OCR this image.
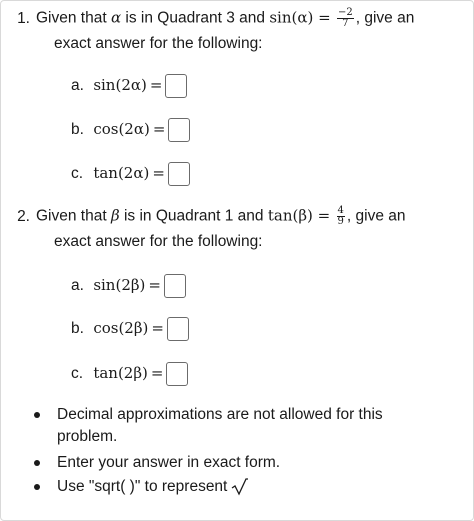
1. Given that α is in Quadrant 3 and $\sin(\alpha) = \frac{-2}{7}$ , give an
exact answer for the following:
a. sin(2α) =
b. cos(2α) =
c. tan(2α) =
2. Given that β is in Quadrant 1 and $\tan(\beta) = \frac{4}{9}$ , give an
exact answer for the following:
a. sin(2β) =
b. cos(2β) =
c. tan(2β) =
Decimal approximations are not allowed for this problem.
Enter your answer in exact form.
Use "sqrt( )" to represent
